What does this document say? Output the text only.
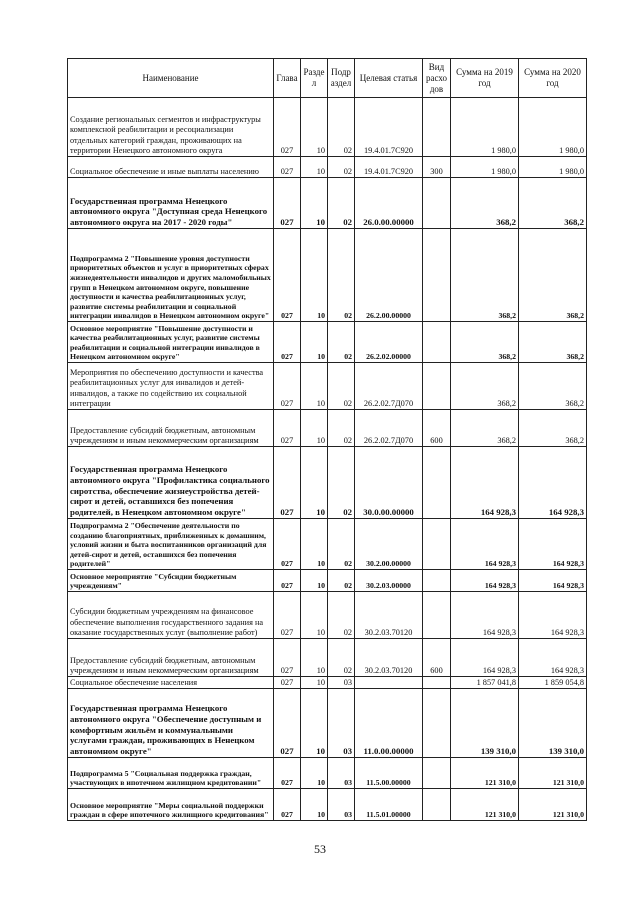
Наименование	Глава	Разде л	Подр аздел	Целевая статья	Вид расхо дов	Сумма на 2019 год	Сумма на 2020 год
Создание региональных сегментов и инфраструктуры комплексной реабилитации и ресоциализации отдельных категорий граждан, проживающих на территории Ненецкого автономного округа	027	10	02	19.4.01.7С920		1 980,0	1 980,0
Социальное обеспечение и иные выплаты населению	027	10	02	19.4.01.7С920	300	1 980,0	1 980,0
Государственная программа Ненецкого автономного округа "Доступная среда Ненецкого автономного округа на 2017 - 2020 годы"	027	10	02	26.0.00.00000		368,2	368,2
Подпрограмма 2 "Повышение уровня доступности приоритетных объектов и услуг в приоритетных сферах жизнедеятельности инвалидов и других маломобильных групп в Ненецком автономном округе, повышение доступности и качества реабилитационных услуг, развитие системы реабилитации и социальной интеграции инвалидов в Ненецком автономном округе"	027	10	02	26.2.00.00000		368,2	368,2
Основное мероприятие "Повышение доступности и качества реабилитационных услуг, развитие системы реабилитации и социальной интеграции инвалидов в Ненецком автономном округе"	027	10	02	26.2.02.00000		368,2	368,2
Мероприятия по обеспечению доступности и качества реабилитационных услуг для инвалидов и детей-инвалидов, а также по содействию их социальной интеграции	027	10	02	26.2.02.7Д070		368,2	368,2
Предоставление субсидий бюджетным, автономным учреждениям и иным некоммерческим организациям	027	10	02	26.2.02.7Д070	600	368,2	368,2
Государственная программа Ненецкого автономного округа "Профилактика социального сиротства, обеспечение жизнеустройства детей-сирот и детей, оставшихся без попечения родителей, в Ненецком автономном округе"	027	10	02	30.0.00.00000		164 928,3	164 928,3
Подпрограмма 2 "Обеспечение деятельности по созданию благоприятных, приближенных к домашним, условий жизни и быта воспитанников организаций для детей-сирот и детей, оставшихся без попечения родителей"	027	10	02	30.2.00.00000		164 928,3	164 928,3
Основное мероприятие "Субсидии бюджетным учреждениям"	027	10	02	30.2.03.00000		164 928,3	164 928,3
Субсидии бюджетным учреждениям на финансовое обеспечение выполнения государственного задания на оказание государственных услуг (выполнение работ)	027	10	02	30.2.03.70120		164 928,3	164 928,3
Предоставление субсидий бюджетным, автономным учреждениям и иным некоммерческим организациям	027	10	02	30.2.03.70120	600	164 928,3	164 928,3
Социальное обеспечение населения	027	10	03			1 857 041,8	1 859 054,8
Государственная программа Ненецкого автономного округа "Обеспечение доступным и комфортным жильём и коммунальными услугами граждан, проживающих в Ненецком автономном округе"	027	10	03	11.0.00.00000		139 310,0	139 310,0
Подпрограмма 5 "Социальная поддержка граждан, участвующих в ипотечном жилищном кредитовании"	027	10	03	11.5.00.00000		121 310,0	121 310,0
Основное мероприятие "Меры социальной поддержки граждан в сфере ипотечного жилищного кредитования"	027	10	03	11.5.01.00000		121 310,0	121 310,0
53
